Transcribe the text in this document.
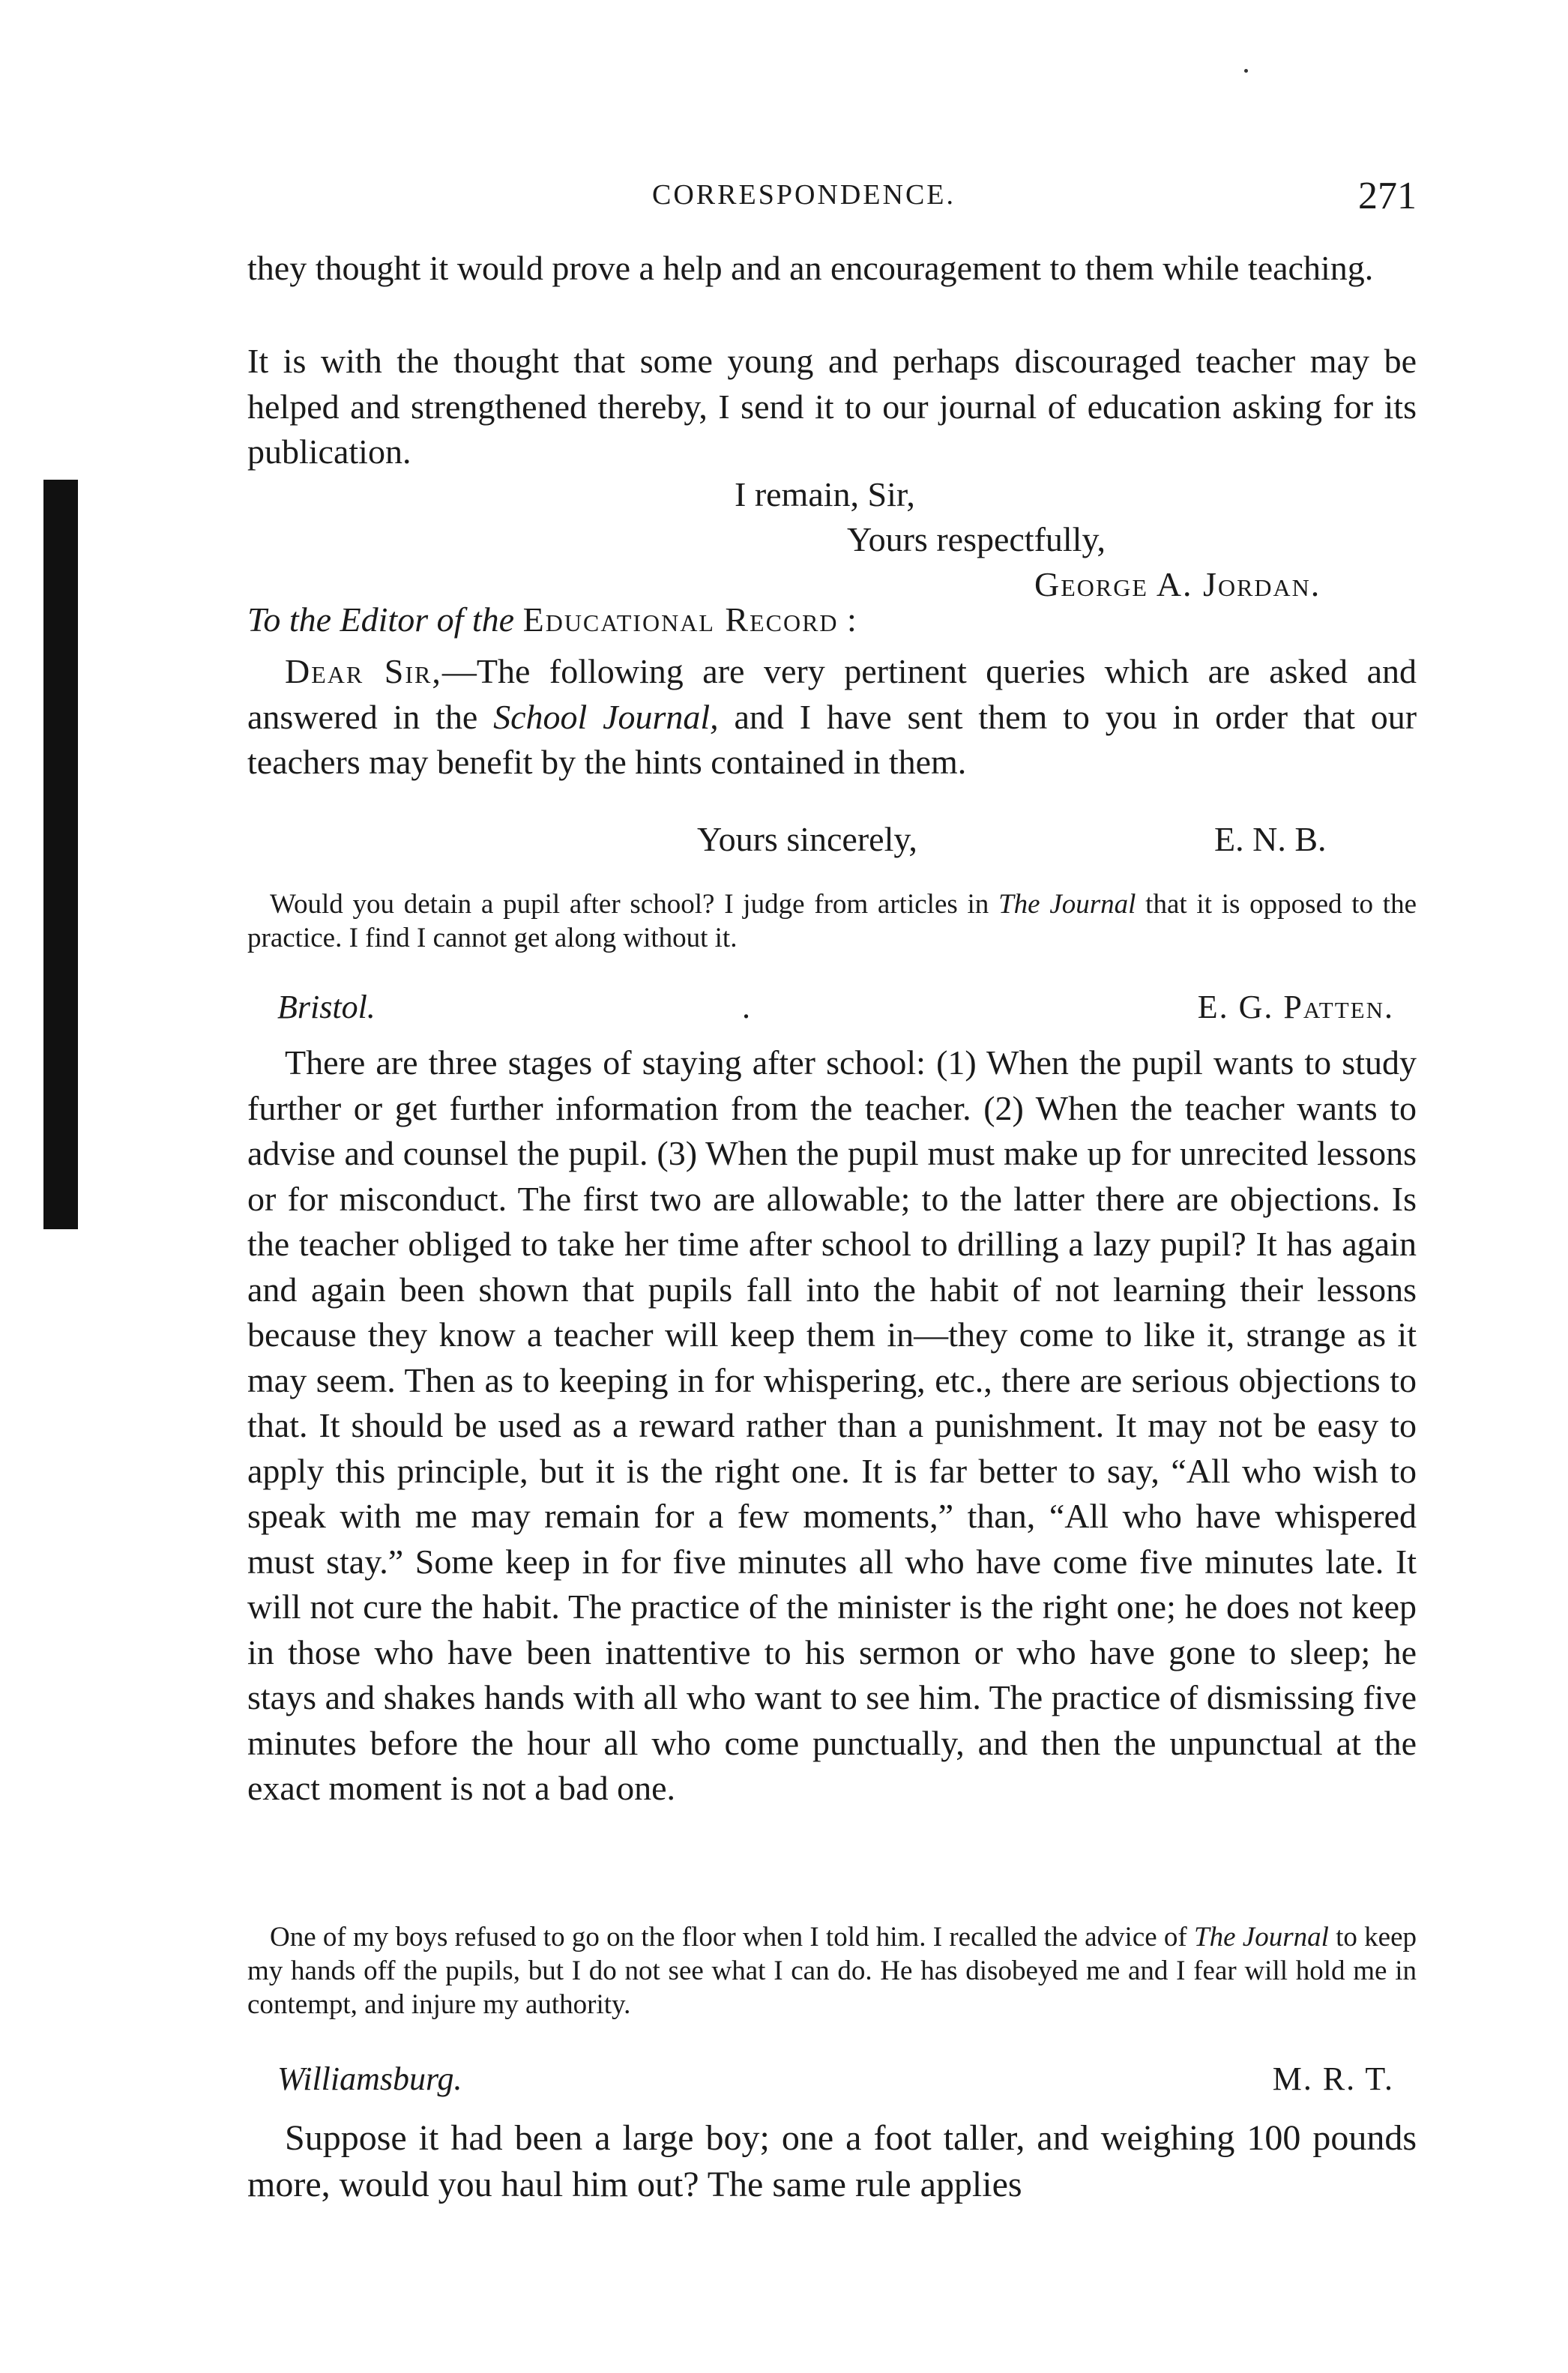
CORRESPONDENCE.	271

they thought it would prove a help and an encouragement to them while teaching.

It is with the thought that some young and perhaps discouraged teacher may be helped and strengthened thereby, I send it to our journal of education asking for its publication.

I remain, Sir,
Yours respectfully,
George A. Jordan.
To the Editor of the Educational Record :

Dear Sir,—The following are very pertinent queries which are asked and answered in the School Journal, and I have sent them to you in order that our teachers may benefit by the hints contained in them.

Yours sincerely,	E. N. B.

Would you detain a pupil after school? I judge from articles in The Journal that it is opposed to the practice. I find I cannot get along without it.

Bristol.	.	E. G. Patten.

There are three stages of staying after school: (1) When the pupil wants to study further or get further information from the teacher. (2) When the teacher wants to advise and counsel the pupil. (3) When the pupil must make up for unrecited lessons or for misconduct. The first two are allowable; to the latter there are objections. Is the teacher obliged to take her time after school to drilling a lazy pupil? It has again and again been shown that pupils fall into the habit of not learning their lessons because they know a teacher will keep them in—they come to like it, strange as it may seem. Then as to keeping in for whispering, etc., there are serious objections to that. It should be used as a reward rather than a punishment. It may not be easy to apply this principle, but it is the right one. It is far better to say, “All who wish to speak with me may remain for a few moments,” than, “All who have whispered must stay.” Some keep in for five minutes all who have come five minutes late. It will not cure the habit. The practice of the minister is the right one; he does not keep in those who have been inattentive to his sermon or who have gone to sleep; he stays and shakes hands with all who want to see him. The practice of dismissing five minutes before the hour all who come punctually, and then the unpunctual at the exact moment is not a bad one.

One of my boys refused to go on the floor when I told him. I recalled the advice of The Journal to keep my hands off the pupils, but I do not see what I can do. He has disobeyed me and I fear will hold me in contempt, and injure my authority.

Williamsburg.	M. R. T.

Suppose it had been a large boy; one a foot taller, and weighing 100 pounds more, would you haul him out? The same rule applies
